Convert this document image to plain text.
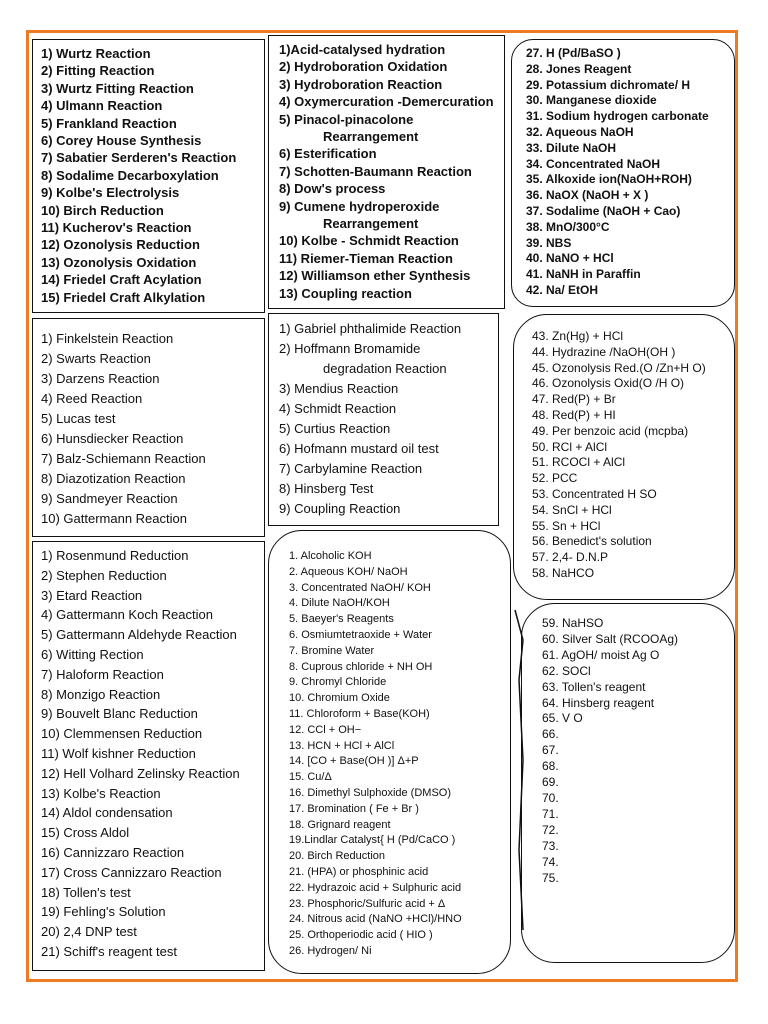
1) Wurtz Reaction
2) Fitting Reaction
3) Wurtz Fitting Reaction
4) Ulmann Reaction
5) Frankland Reaction
6) Corey House Synthesis
7) Sabatier Serderen's Reaction
8) Sodalime Decarboxylation
9) Kolbe's Electrolysis
10) Birch Reduction
11) Kucherov's Reaction
12) Ozonolysis Reduction
13) Ozonolysis Oxidation
14) Friedel Craft Acylation
15) Friedel Craft Alkylation
1)Acid-catalysed hydration
2) Hydroboration Oxidation
3) Hydroboration Reaction
4) Oxymercuration -Demercuration
5) Pinacol-pinacolone
Rearrangement
6) Esterification
7) Schotten-Baumann Reaction
8) Dow's process
9) Cumene hydroperoxide
Rearrangement
10) Kolbe - Schmidt Reaction
11) Riemer-Tieman Reaction
12) Williamson ether Synthesis
13) Coupling reaction
27. H (Pd/BaSO )
28. Jones Reagent
29. Potassium dichromate/ H
30. Manganese dioxide
31. Sodium hydrogen carbonate
32. Aqueous NaOH
33. Dilute NaOH
34. Concentrated NaOH
35. Alkoxide ion(NaOH+ROH)
36. NaOX (NaOH + X )
37. Sodalime (NaOH + Cao)
38. MnO/300°C
39. NBS
40. NaNO + HCl
41. NaNH in Paraffin
42. Na/ EtOH
1) Finkelstein Reaction
2) Swarts Reaction
3) Darzens Reaction
4) Reed Reaction
5) Lucas test
6) Hunsdiecker Reaction
7) Balz-Schiemann Reaction
8) Diazotization Reaction
9) Sandmeyer Reaction
10) Gattermann Reaction
1) Gabriel phthalimide Reaction
2) Hoffmann Bromamide
degradation Reaction
3) Mendius Reaction
4) Schmidt Reaction
5) Curtius Reaction
6) Hofmann mustard oil test
7) Carbylamine Reaction
8) Hinsberg Test
9) Coupling Reaction
43. Zn(Hg) + HCl
44. Hydrazine /NaOH(OH )
45. Ozonolysis Red.(O /Zn+H O)
46. Ozonolysis Oxid(O /H O)
47. Red(P) + Br
48. Red(P) + HI
49. Per benzoic acid (mcpba)
50. RCl + AlCl
51. RCOCl + AlCl
52. PCC
53. Concentrated H SO
54. SnCl + HCl
55. Sn + HCl
56. Benedict's solution
57. 2,4- D.N.P
58. NaHCO
1) Rosenmund Reduction
2) Stephen Reduction
3) Etard Reaction
4) Gattermann Koch Reaction
5) Gattermann Aldehyde Reaction
6) Witting Rection
7) Haloform Reaction
8) Monzigo Reaction
9) Bouvelt Blanc Reduction
10) Clemmensen Reduction
11) Wolf kishner Reduction
12) Hell Volhard Zelinsky Reaction
13) Kolbe's Reaction
14) Aldol condensation
15) Cross Aldol
16) Cannizzaro Reaction
17) Cross Cannizzaro Reaction
18) Tollen's test
19) Fehling's Solution
20) 2,4 DNP test
21) Schiff's reagent test
1. Alcoholic KOH
2. Aqueous KOH/ NaOH
3. Concentrated NaOH/ KOH
4. Dilute NaOH/KOH
5. Baeyer's Reagents
6. Osmiumtetraoxide + Water
7. Bromine Water
8. Cuprous chloride + NH OH
9. Chromyl Chloride
10. Chromium Oxide
11. Chloroform + Base(KOH)
12. CCl + OH−
13. HCN + HCl + AlCl
14. [CO + Base(OH )] Δ+P
15. Cu/Δ
16. Dimethyl Sulphoxide (DMSO)
17. Bromination ( Fe + Br )
18. Grignard reagent
19.Lindlar Catalyst{ H (Pd/CaCO )
20. Birch Reduction
21. (HPA) or phosphinic acid
22. Hydrazoic acid + Sulphuric acid
23. Phosphoric/Sulfuric acid + Δ
24. Nitrous acid (NaNO +HCl)/HNO
25. Orthoperiodic acid ( HIO )
26. Hydrogen/ Ni
59. NaHSO
60. Silver Salt (RCOOAg)
61. AgOH/ moist Ag O
62. SOCl
63. Tollen's reagent
64. Hinsberg reagent
65. V O
66.
67.
68.
69.
70.
71.
72.
73.
74.
75.
